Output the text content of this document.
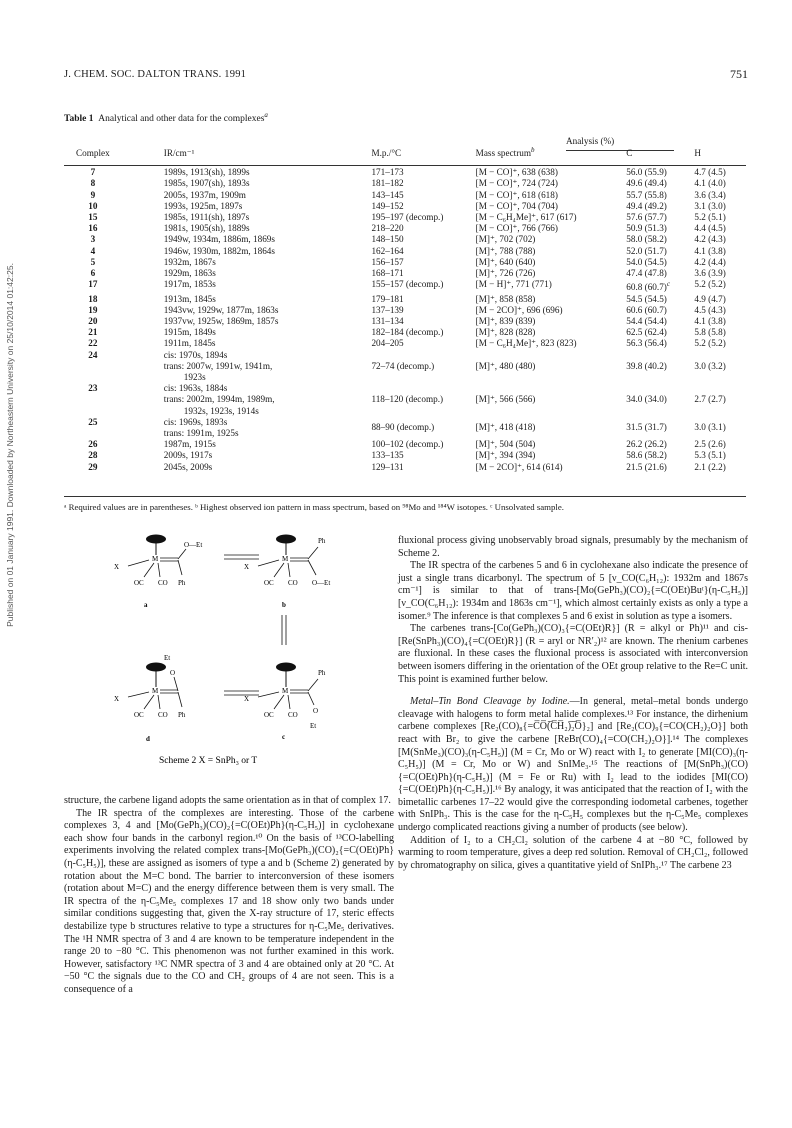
Published on 01 January 1991. Downloaded by Northeastern University on 25/10/2014 01:42:25.
J. CHEM. SOC. DALTON TRANS. 1991	751
Table 1 Analytical and other data for the complexes$^a$
Analysis (%)
Complex	IR/cm⁻¹	M.p./°C	Mass spectrum$^b$	C	H

7	1989s, 1913(sh), 1899s	171–173	[M − CO]⁺, 638 (638)	56.0 (55.9)	4.7 (4.5)
8	1985s, 1907(sh), 1893s	181–182	[M − CO]⁺, 724 (724)	49.6 (49.4)	4.1 (4.0)
9	2005s, 1937m, 1909m	143–145	[M − CO]⁺, 618 (618)	55.7 (55.8)	3.6 (3.4)
10	1993s, 1925m, 1897s	149–152	[M − CO]⁺, 704 (704)	49.4 (49.2)	3.1 (3.0)
15	1985s, 1911(sh), 1897s	195–197 (decomp.)	[M − C₆H₄Me]⁺, 617 (617)	57.6 (57.7)	5.2 (5.1)
16	1981s, 1905(sh), 1889s	218–220	[M − CO]⁺, 766 (766)	50.9 (51.3)	4.4 (4.5)
3	1949w, 1934m, 1886m, 1869s	148–150	[M]⁺, 702 (702)	58.0 (58.2)	4.2 (4.3)
4	1946w, 1930m, 1882m, 1864s	162–164	[M]⁺, 788 (788)	52.0 (51.7)	4.1 (3.8)
5	1932m, 1867s	156–157	[M]⁺, 640 (640)	54.0 (54.5)	4.2 (4.4)
6	1929m, 1863s	168–171	[M]⁺, 726 (726)	47.4 (47.8)	3.6 (3.9)
17	1917m, 1853s	155–157 (decomp.)	[M − H]⁺, 771 (771)	60.8 $(60.7)^c$	5.2 (5.2)
18	1913m, 1845s	179–181	[M]⁺, 858 (858)	54.5 (54.5)	4.9 (4.7)
19	1943vw, 1929w, 1877m, 1863s	137–139	[M − 2CO]⁺, 696 (696)	60.6 (60.7)	4.5 (4.3)
20	1937vw, 1925w, 1869m, 1857s	131–134	[M]⁺, 839 (839)	54.4 (54.4)	4.1 (3.8)
21	1915m, 1849s	182–184 (decomp.)	[M]⁺, 828 (828)	62.5 (62.4)	5.8 (5.8)
22	1911m, 1845s	204–205	[M − C₆H₄Me]⁺, 823 (823)	56.3 (56.4)	5.2 (5.2)
24	cis: 1970s, 1894s
trans: 2007w, 1991w, 1941m,
1923s	72–74 (decomp.)	[M]⁺, 480 (480)	39.8 (40.2)	3.0 (3.2)
23	cis: 1963s, 1884s
trans: 2002m, 1994m, 1989m,
1932s, 1923s, 1914s	118–120 (decomp.)	[M]⁺, 566 (566)	34.0 (34.0)	2.7 (2.7)
25	cis: 1969s, 1893s
trans: 1991m, 1925s	88–90 (decomp.)	[M]⁺, 418 (418)	31.5 (31.7)	3.0 (3.1)
26	1987m, 1915s	100–102 (decomp.)	[M]⁺, 504 (504)	26.2 (26.2)	2.5 (2.6)
28	2009s, 1917s	133–135	[M]⁺, 394 (394)	58.6 (58.2)	5.3 (5.1)
29	2045s, 2009s	129–131	[M − 2CO]⁺, 614 (614)	21.5 (21.6)	2.1 (2.2)
ᵃ Required values are in parentheses. ᵇ Highest observed ion pattern in mass spectrum, based on ⁹⁸Mo and ¹⁸⁴W isotopes. ᶜ Unsolvated sample.
M
X
OC CO
O—Et
Ph
a
M
X
OC CO
Ph
O—Et
b
M
X
OC CO
O
Et
Ph
d
M
X
OC CO
Ph
O
Et
c
Scheme 2 X = SnPh₃ or T

structure, the carbene ligand adopts the same orientation as in that of complex 17.

The IR spectra of the complexes are interesting. Those of the carbene complexes 3, 4 and [Mo(GePh₃)(CO)₂{=C(OEt)Ph}(η-C₅H₅)] in cyclohexane each show four bands in the carbonyl region.¹⁰ On the basis of ¹³CO-labelling experiments involving the related complex trans-[Mo(GePh₃)(CO)₂{=C(OEt)Ph}(η-C₅H₅)], these are assigned as isomers of type a and b (Scheme 2) generated by rotation about the M=C bond. The barrier to interconversion of these isomers (rotation about M=C) and the energy difference between them is very small. The IR spectra of the η-C₅Me₅ complexes 17 and 18 show only two bands under similar conditions suggesting that, given the X-ray structure of 17, steric effects destabilize type b structures relative to type a structures for η-C₅Me₅ derivatives. The ¹H NMR spectra of 3 and 4 are known to be temperature independent in the range 20 to −80 °C. This phenomenon was not further examined in this work. However, satisfactory ¹³C NMR spectra of 3 and 4 are obtained only at 20 °C. At −50 °C the signals due to the CO and CH₂ groups of 4 are not seen. This is a consequence of a

fluxional process giving unobservably broad signals, presumably by the mechanism of Scheme 2.

The IR spectra of the carbenes 5 and 6 in cyclohexane also indicate the presence of just a single trans dicarbonyl. The spectrum of 5 [ν_CO(C₆H₁₂): 1932m and 1867s cm⁻¹] is similar to that of trans-[Mo(GePh₃)(CO)₂{=C(OEt)Buᵗ}(η-C₅H₅)] [ν_CO(C₆H₁₂): 1934m and 1863s cm⁻¹], which almost certainly exists as only a type a isomer.⁹ The inference is that complexes 5 and 6 exist in solution as type a isomers.

The carbenes trans-[Co(GePh₃)(CO)₃{=C(OEt)R}] (R = alkyl or Ph)¹¹ and cis-[Re(SnPh₃)(CO)₄{=C(OEt)R}] (R = aryl or NR′₂)¹² are known. The rhenium carbenes are fluxional. In these cases the fluxional process is associated with interconversion between isomers differing in the orientation of the OEt group relative to the Re=C unit. This point is examined further below.

Metal–Tin Bond Cleavage by Iodine.—In general, metal–metal bonds undergo cleavage with halogens to form metal halide complexes.¹³ For instance, the dirhenium carbene complexes [Re₂(CO)₈{=C̅O̅(̅C̅H̅₂)̅₂̅O̅}₂] and [Re₂(CO)₉{=CO(CH₂)₂O}] both react with Br₂ to give the carbene [ReBr(CO)₄{=CO(CH₂)₂O}].¹⁴ The complexes [M(SnMe₃)(CO)₃(η-C₅H₅)] (M = Cr, Mo or W) react with I₂ to generate [MI(CO)₃(η-C₅H₅)] (M = Cr, Mo or W) and SnIMe₃.¹⁵ The reactions of [M(SnPh₃)(CO){=C(OEt)Ph}(η-C₅H₅)] (M = Fe or Ru) with I₂ lead to the iodides [MI(CO){=C(OEt)Ph}(η-C₅H₅)].¹⁶ By analogy, it was anticipated that the reaction of I₂ with the bimetallic carbenes 17–22 would give the corresponding iodometal carbenes, together with SnIPh₃. This is the case for the η-C₅H₅ complexes but the η-C₅Me₅ complexes undergo complicated reactions giving a number of products (see below).

Addition of I₂ to a CH₂Cl₂ solution of the carbene 4 at −80 °C, followed by warming to room temperature, gives a deep red solution. Removal of CH₂Cl₂, followed by chromatography on silica, gives a quantitative yield of SnIPh₃.¹⁷ The carbene 23
